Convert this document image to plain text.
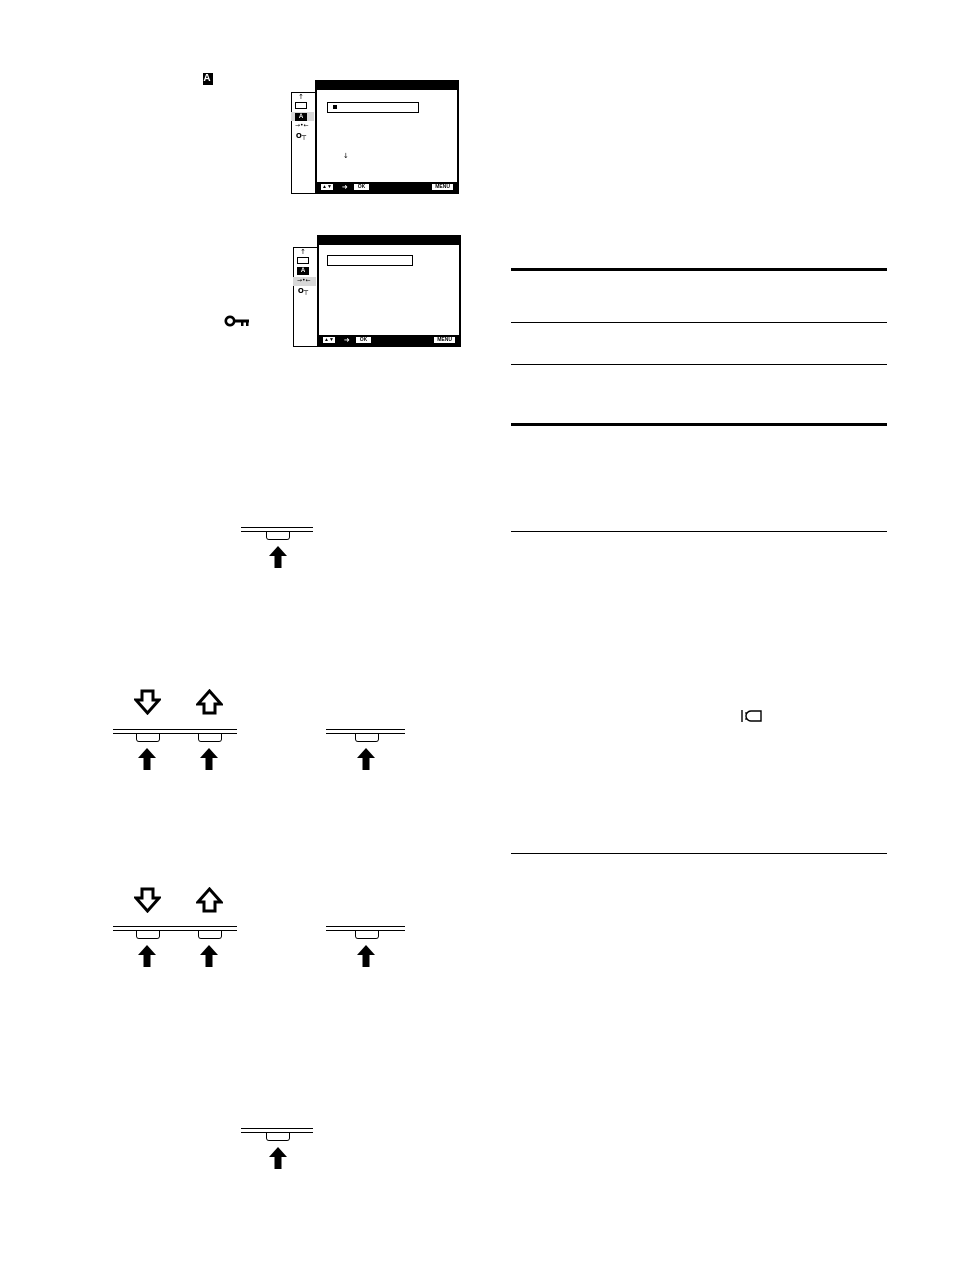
A
↑
A
→•←
O┬
↓
▲▼ ➜	OK	MENU
↑
A
→•←
O┬
▲▼ ➜	OK	MENU
